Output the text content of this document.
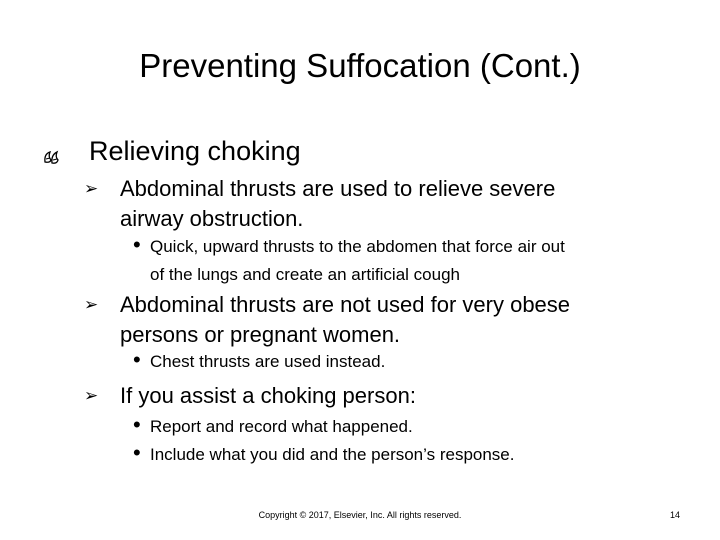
Preventing Suffocation (Cont.)
Relieving choking
➢ Abdominal thrusts are used to relieve severe
airway obstruction.
• Quick, upward thrusts to the abdomen that force air out
of the lungs and create an artificial cough
➢ Abdominal thrusts are not used for very obese
persons or pregnant women.
• Chest thrusts are used instead.
➢ If you assist a choking person:
• Report and record what happened.
• Include what you did and the person’s response.
Copyright © 2017, Elsevier, Inc. All rights reserved.	14
